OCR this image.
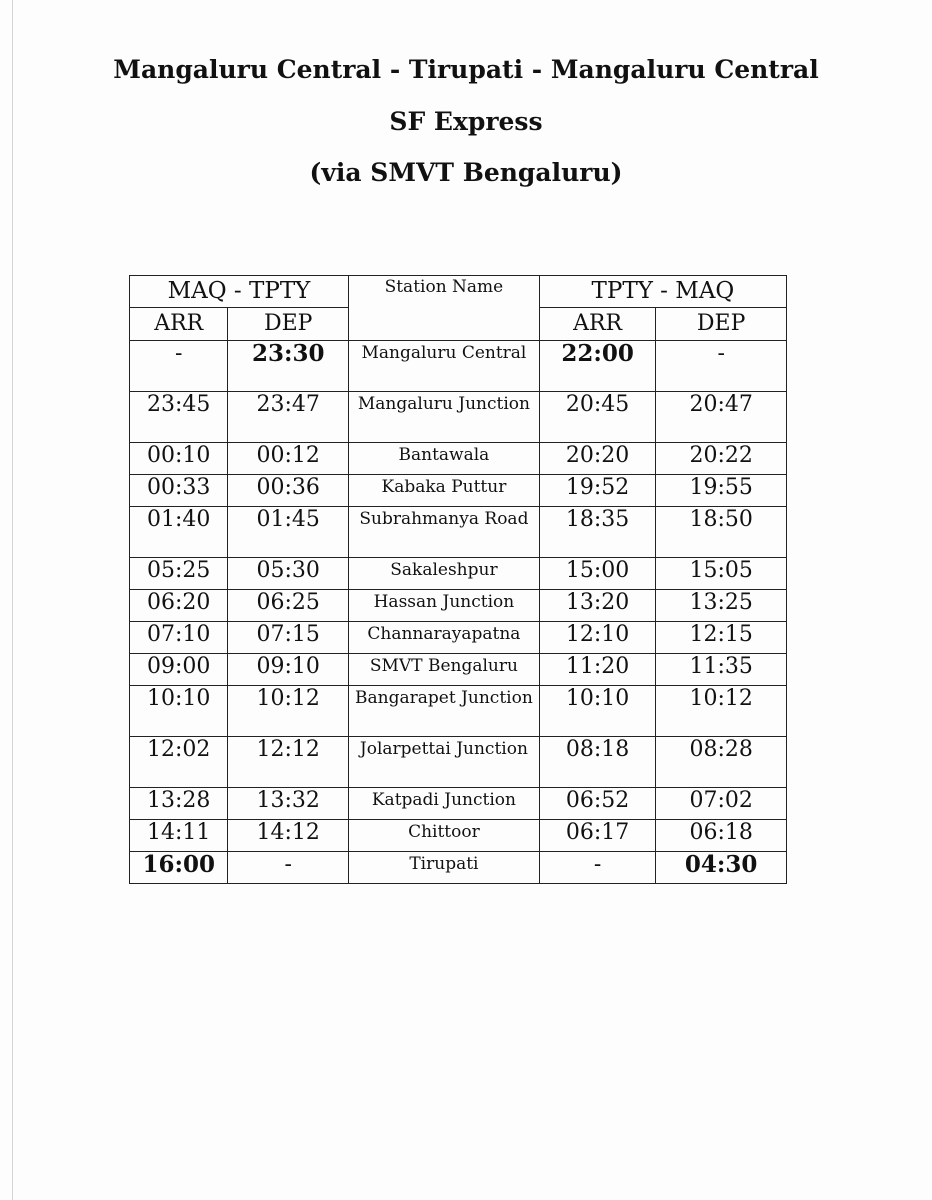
Mangaluru Central - Tirupati - Mangaluru Central
SF Express
(via SMVT Bengaluru)
MAQ - TPTY		Station Name	TPTY - MAQ	
ARR	DEP		ARR	DEP
-	23:30	Mangaluru Central	22:00	-
23:45	23:47	Mangaluru Junction	20:45	20:47
00:10	00:12	Bantawala	20:20	20:22
00:33	00:36	Kabaka Puttur	19:52	19:55
01:40	01:45	Subrahmanya Road	18:35	18:50
05:25	05:30	Sakaleshpur	15:00	15:05
06:20	06:25	Hassan Junction	13:20	13:25
07:10	07:15	Channarayapatna	12:10	12:15
09:00	09:10	SMVT Bengaluru	11:20	11:35
10:10	10:12	Bangarapet Junction	10:10	10:12
12:02	12:12	Jolarpettai Junction	08:18	08:28
13:28	13:32	Katpadi Junction	06:52	07:02
14:11	14:12	Chittoor	06:17	06:18
16:00	-	Tirupati	-	04:30
